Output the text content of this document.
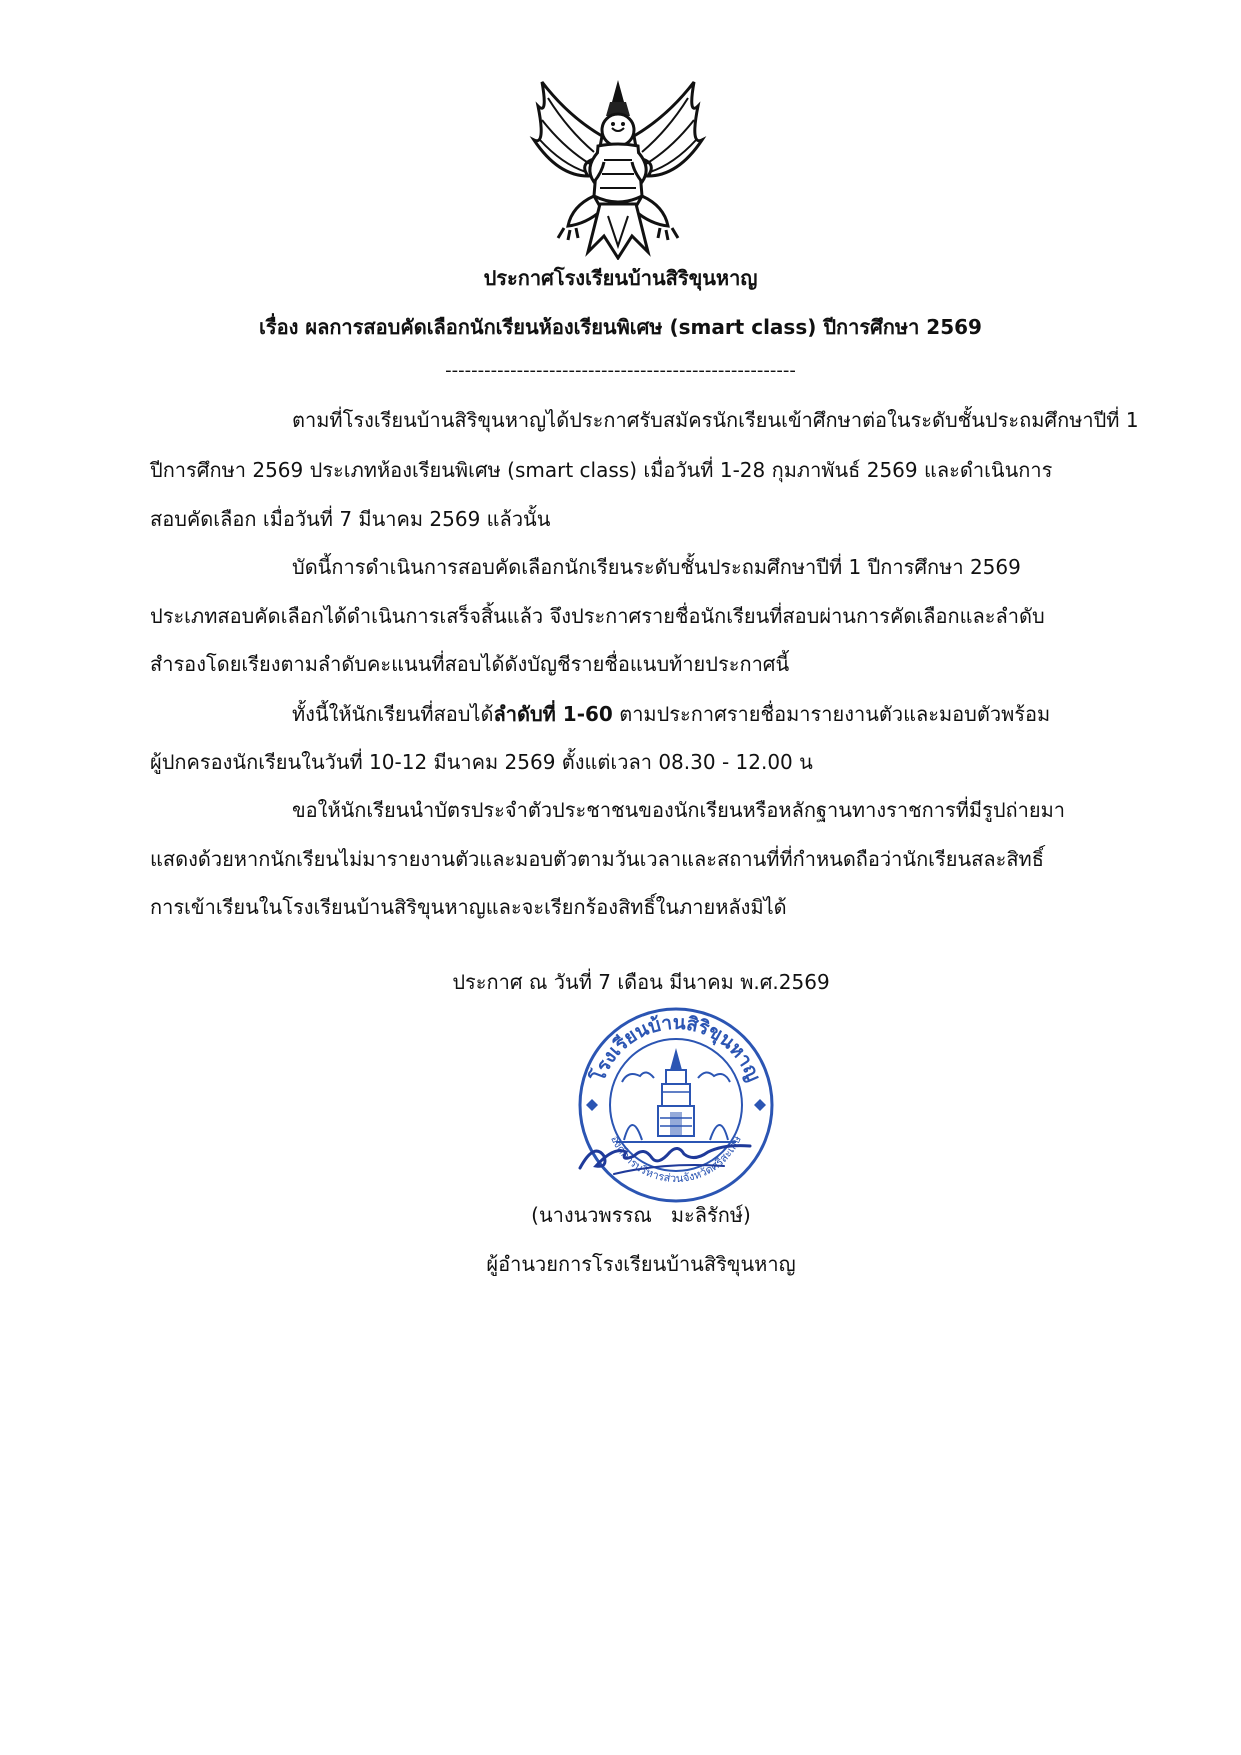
ประกาศโรงเรียนบ้านสิริขุนหาญ
เรื่อง ผลการสอบคัดเลือกนักเรียนห้องเรียนพิเศษ (smart class) ปีการศึกษา 2569
------------------------------------------------------
ตามที่โรงเรียนบ้านสิริขุนหาญได้ประกาศรับสมัครนักเรียนเข้าศึกษาต่อในระดับชั้นประถมศึกษาปีที่ 1
ปีการศึกษา 2569 ประเภทห้องเรียนพิเศษ (smart class) เมื่อวันที่ 1-28 กุมภาพันธ์ 2569 และดำเนินการ
สอบคัดเลือก เมื่อวันที่ 7 มีนาคม 2569 แล้วนั้น
บัดนี้การดำเนินการสอบคัดเลือกนักเรียนระดับชั้นประถมศึกษาปีที่ 1 ปีการศึกษา 2569
ประเภทสอบคัดเลือกได้ดำเนินการเสร็จสิ้นแล้ว จึงประกาศรายชื่อนักเรียนที่สอบผ่านการคัดเลือกและลำดับ
สำรองโดยเรียงตามลำดับคะแนนที่สอบได้ดังบัญชีรายชื่อแนบท้ายประกาศนี้
ทั้งนี้ให้นักเรียนที่สอบได้ลำดับที่ 1-60 ตามประกาศรายชื่อมารายงานตัวและมอบตัวพร้อม
ผู้ปกครองนักเรียนในวันที่ 10-12 มีนาคม 2569 ตั้งแต่เวลา 08.30 - 12.00 น
ขอให้นักเรียนนำบัตรประจำตัวประชาชนของนักเรียนหรือหลักฐานทางราชการที่มีรูปถ่ายมา
แสดงด้วยหากนักเรียนไม่มารายงานตัวและมอบตัวตามวันเวลาและสถานที่ที่กำหนดถือว่านักเรียนสละสิทธิ์
การเข้าเรียนในโรงเรียนบ้านสิริขุนหาญและจะเรียกร้องสิทธิ์ในภายหลังมิได้
ประกาศ ณ วันที่ 7 เดือน มีนาคม พ.ศ.2569
โรงเรียนบ้านสิริขุนหาญ
องค์การบริหารส่วนจังหวัดศรีสะเกษ
(นางนวพรรณ   มะลิรักษ์)
ผู้อำนวยการโรงเรียนบ้านสิริขุนหาญ
